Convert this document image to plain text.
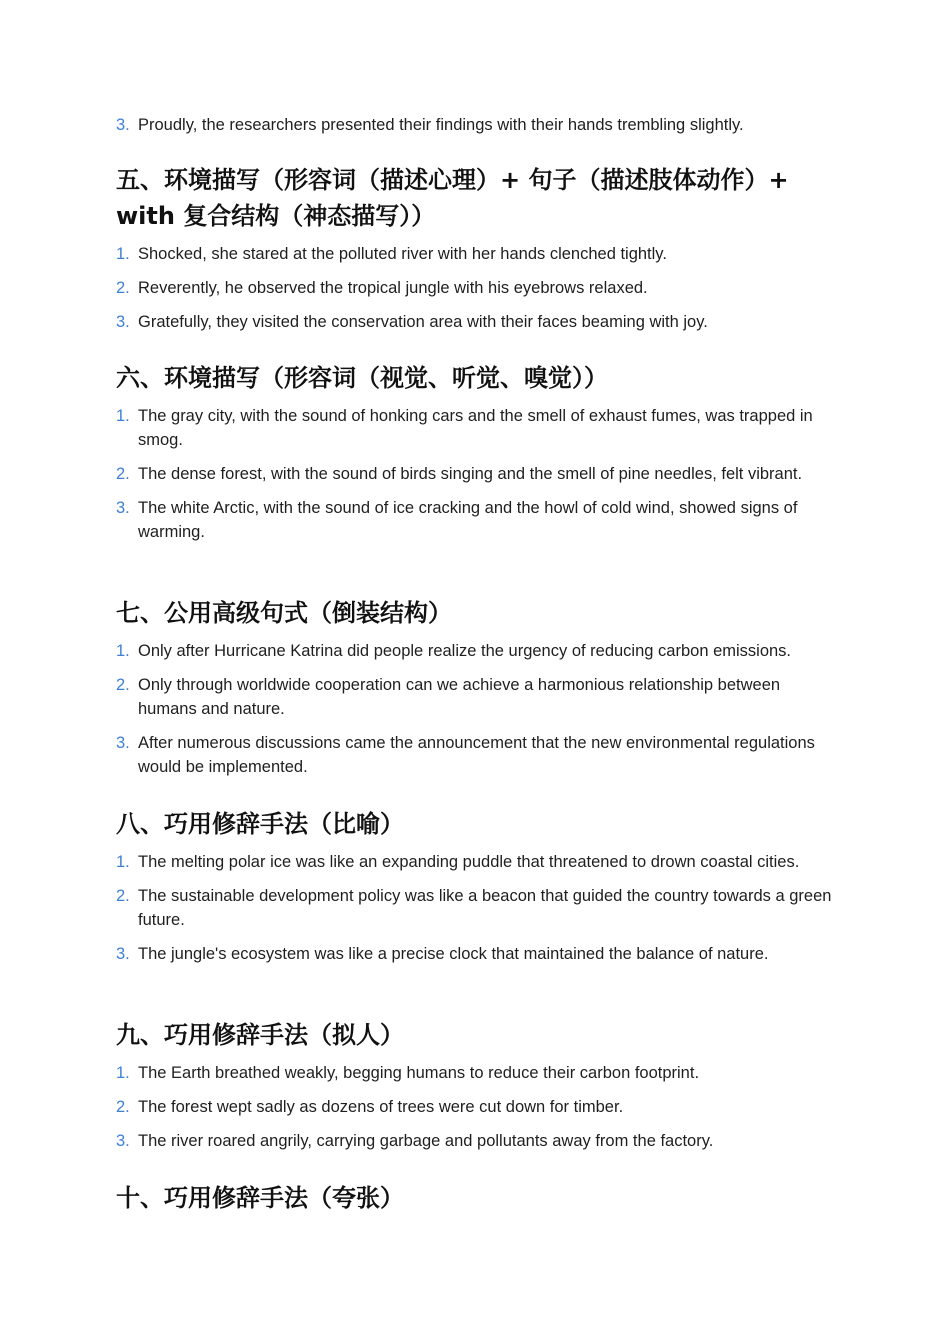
3. Proudly, the researchers presented their findings with their hands trembling slightly.
五、环境描写（形容词（描述心理）+ 句子（描述肢体动作）+ with 复合结构（神态描写））
1. Shocked, she stared at the polluted river with her hands clenched tightly.
2. Reverently, he observed the tropical jungle with his eyebrows relaxed.
3. Gratefully, they visited the conservation area with their faces beaming with joy.
六、环境描写（形容词（视觉、听觉、嗅觉））
1. The gray city, with the sound of honking cars and the smell of exhaust fumes, was trapped in smog.
2. The dense forest, with the sound of birds singing and the smell of pine needles, felt vibrant.
3. The white Arctic, with the sound of ice cracking and the howl of cold wind, showed signs of warming.
七、公用高级句式（倒装结构）
1. Only after Hurricane Katrina did people realize the urgency of reducing carbon emissions.
2. Only through worldwide cooperation can we achieve a harmonious relationship between humans and nature.
3. After numerous discussions came the announcement that the new environmental regulations would be implemented.
八、巧用修辞手法（比喻）
1. The melting polar ice was like an expanding puddle that threatened to drown coastal cities.
2. The sustainable development policy was like a beacon that guided the country towards a green future.
3. The jungle's ecosystem was like a precise clock that maintained the balance of nature.
九、巧用修辞手法（拟人）
1. The Earth breathed weakly, begging humans to reduce their carbon footprint.
2. The forest wept sadly as dozens of trees were cut down for timber.
3. The river roared angrily, carrying garbage and pollutants away from the factory.
十、巧用修辞手法（夸张）
